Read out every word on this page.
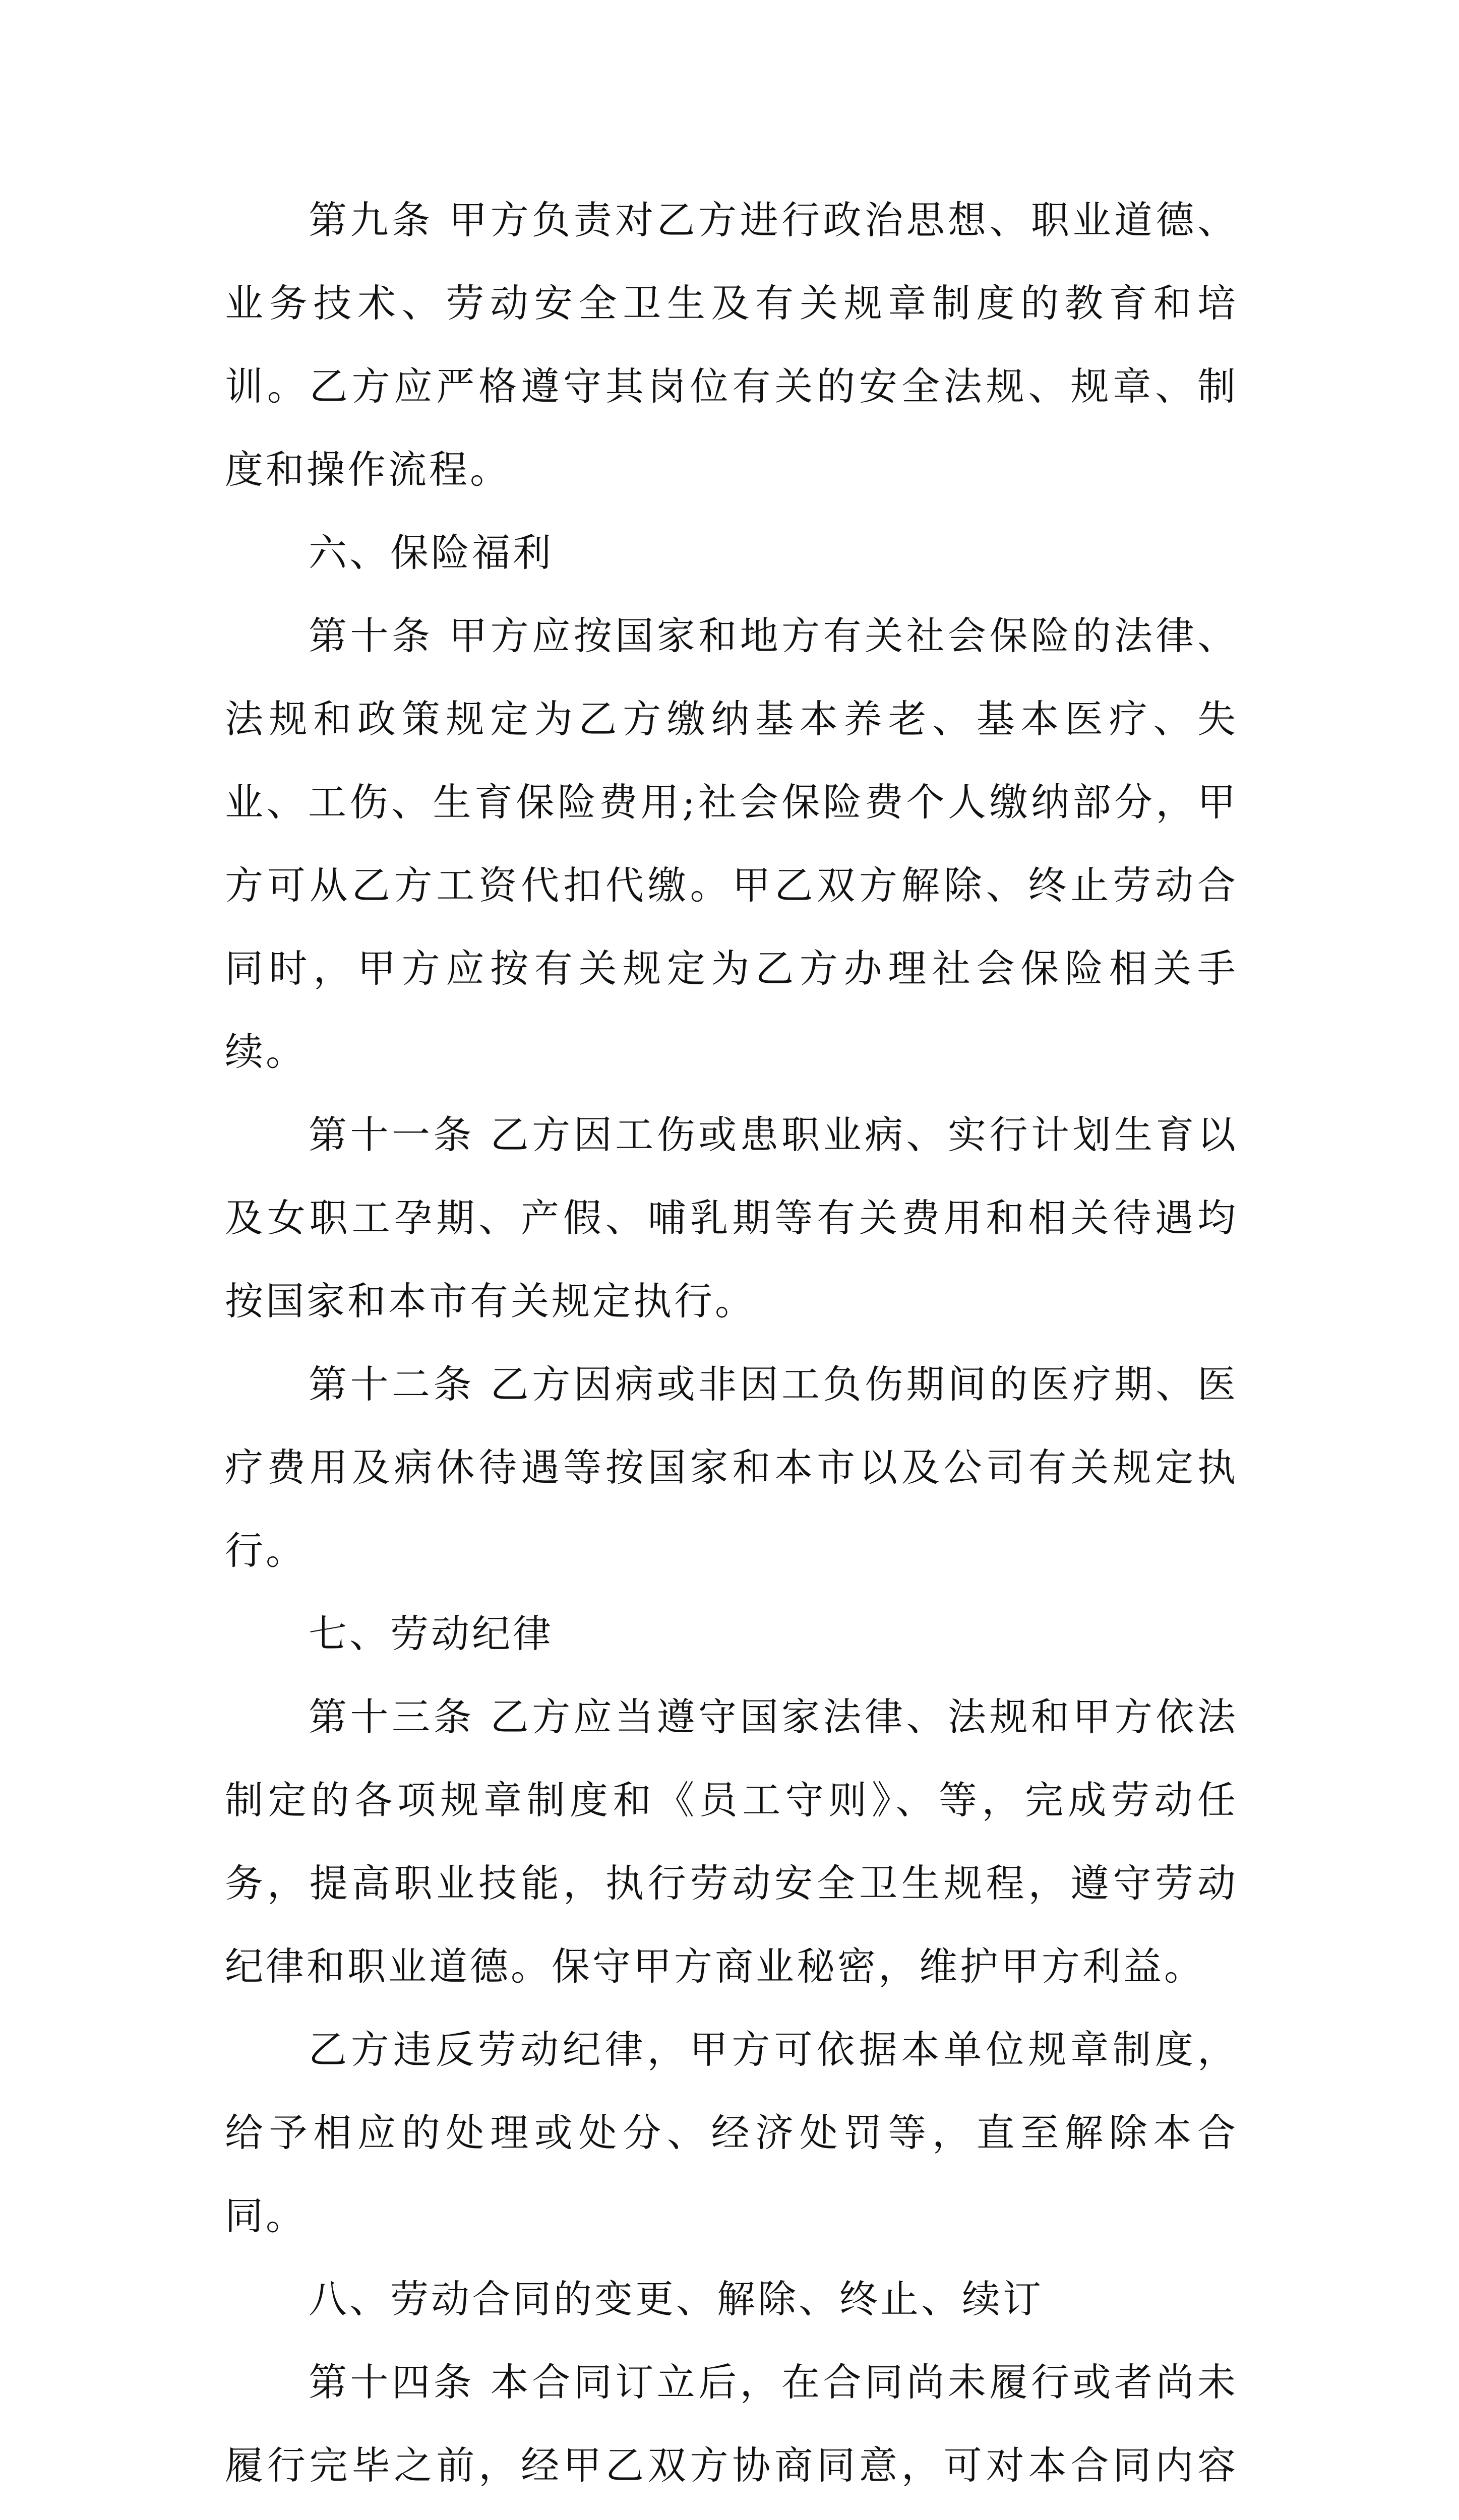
第九条 甲方负责对乙方进行政治思想、职业道德、业务技术、劳动安全卫生及有关规章制度的教育和培训。乙方应严格遵守其岗位有关的安全法规、规章、制度和操作流程。

六、保险福利

第十条 甲方应按国家和地方有关社会保险的法律、法规和政策规定为乙方缴纳基本养老、基本医疗、失业、工伤、生育保险费用;社会保险费个人缴纳部分，甲方可从乙方工资代扣代缴。甲乙双方解除、终止劳动合同时，甲方应按有关规定为乙方办理社会保险相关手续。

第十一条 乙方因工伤或患职业病、实行计划生育以及女职工孕期、产假、哺乳期等有关费用和相关待遇均按国家和本市有关规定执行。

第十二条 乙方因病或非因工负伤期间的医疗期、医疗费用及病休待遇等按国家和本市以及公司有关规定执行。

七、劳动纪律

第十三条 乙方应当遵守国家法律、法规和甲方依法制定的各项规章制度和《员工守则》、等，完成劳动任务，提高职业技能，执行劳动安全卫生规程，遵守劳动纪律和职业道德。保守甲方商业秘密，维护甲方利益。

乙方违反劳动纪律，甲方可依据本单位规章制度，给予相应的处理或处分、经济处罚等，直至解除本合同。

八、劳动合同的变更、解除、终止、续订

第十四条 本合同订立后，在合同尚未履行或者尚未履行完毕之前，经甲乙双方协商同意，可对本合同内容
